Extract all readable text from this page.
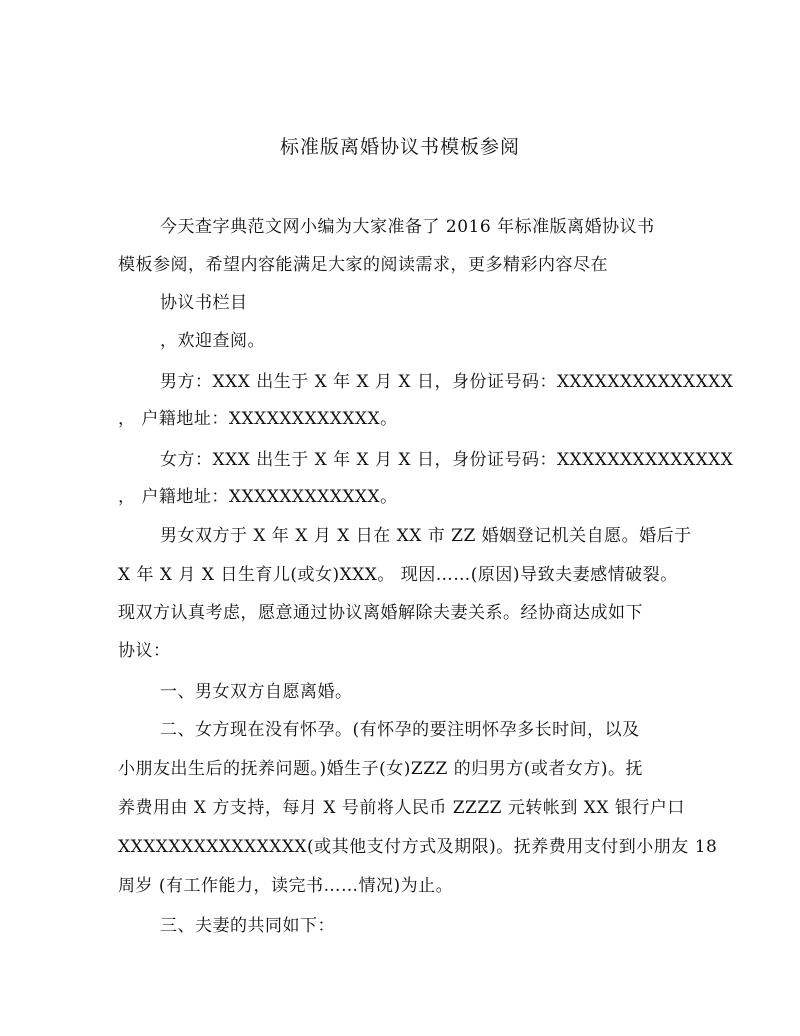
标准版离婚协议书模板参阅
今天查字典范文网小编为大家准备了 2016 年标准版离婚协议书
模板参阅，希望内容能满足大家的阅读需求，更多精彩内容尽在
协议书栏目
，欢迎查阅。
男方：XXX 出生于 X 年 X 月 X 日，身份证号码：XXXXXXXXXXXXXX
， 户籍地址：XXXXXXXXXXXX。
女方：XXX 出生于 X 年 X 月 X 日，身份证号码：XXXXXXXXXXXXXX
， 户籍地址：XXXXXXXXXXXX。
男女双方于 X 年 X 月 X 日在 XX 市 ZZ 婚姻登记机关自愿。婚后于
X 年 X 月 X 日生育儿(或女)XXX。 现因……(原因)导致夫妻感情破裂。
现双方认真考虑，愿意通过协议离婚解除夫妻关系。经协商达成如下
协议：
一、男女双方自愿离婚。
二、女方现在没有怀孕。(有怀孕的要注明怀孕多长时间，以及
小朋友出生后的抚养问题。)婚生子(女)ZZZ 的归男方(或者女方)。抚
养费用由 X 方支持，每月 X 号前将人民币 ZZZZ 元转帐到 XX 银行户口
XXXXXXXXXXXXXXX(或其他支付方式及期限)。抚养费用支付到小朋友 18
周岁 (有工作能力，读完书……情况)为止。
三、夫妻的共同如下：
